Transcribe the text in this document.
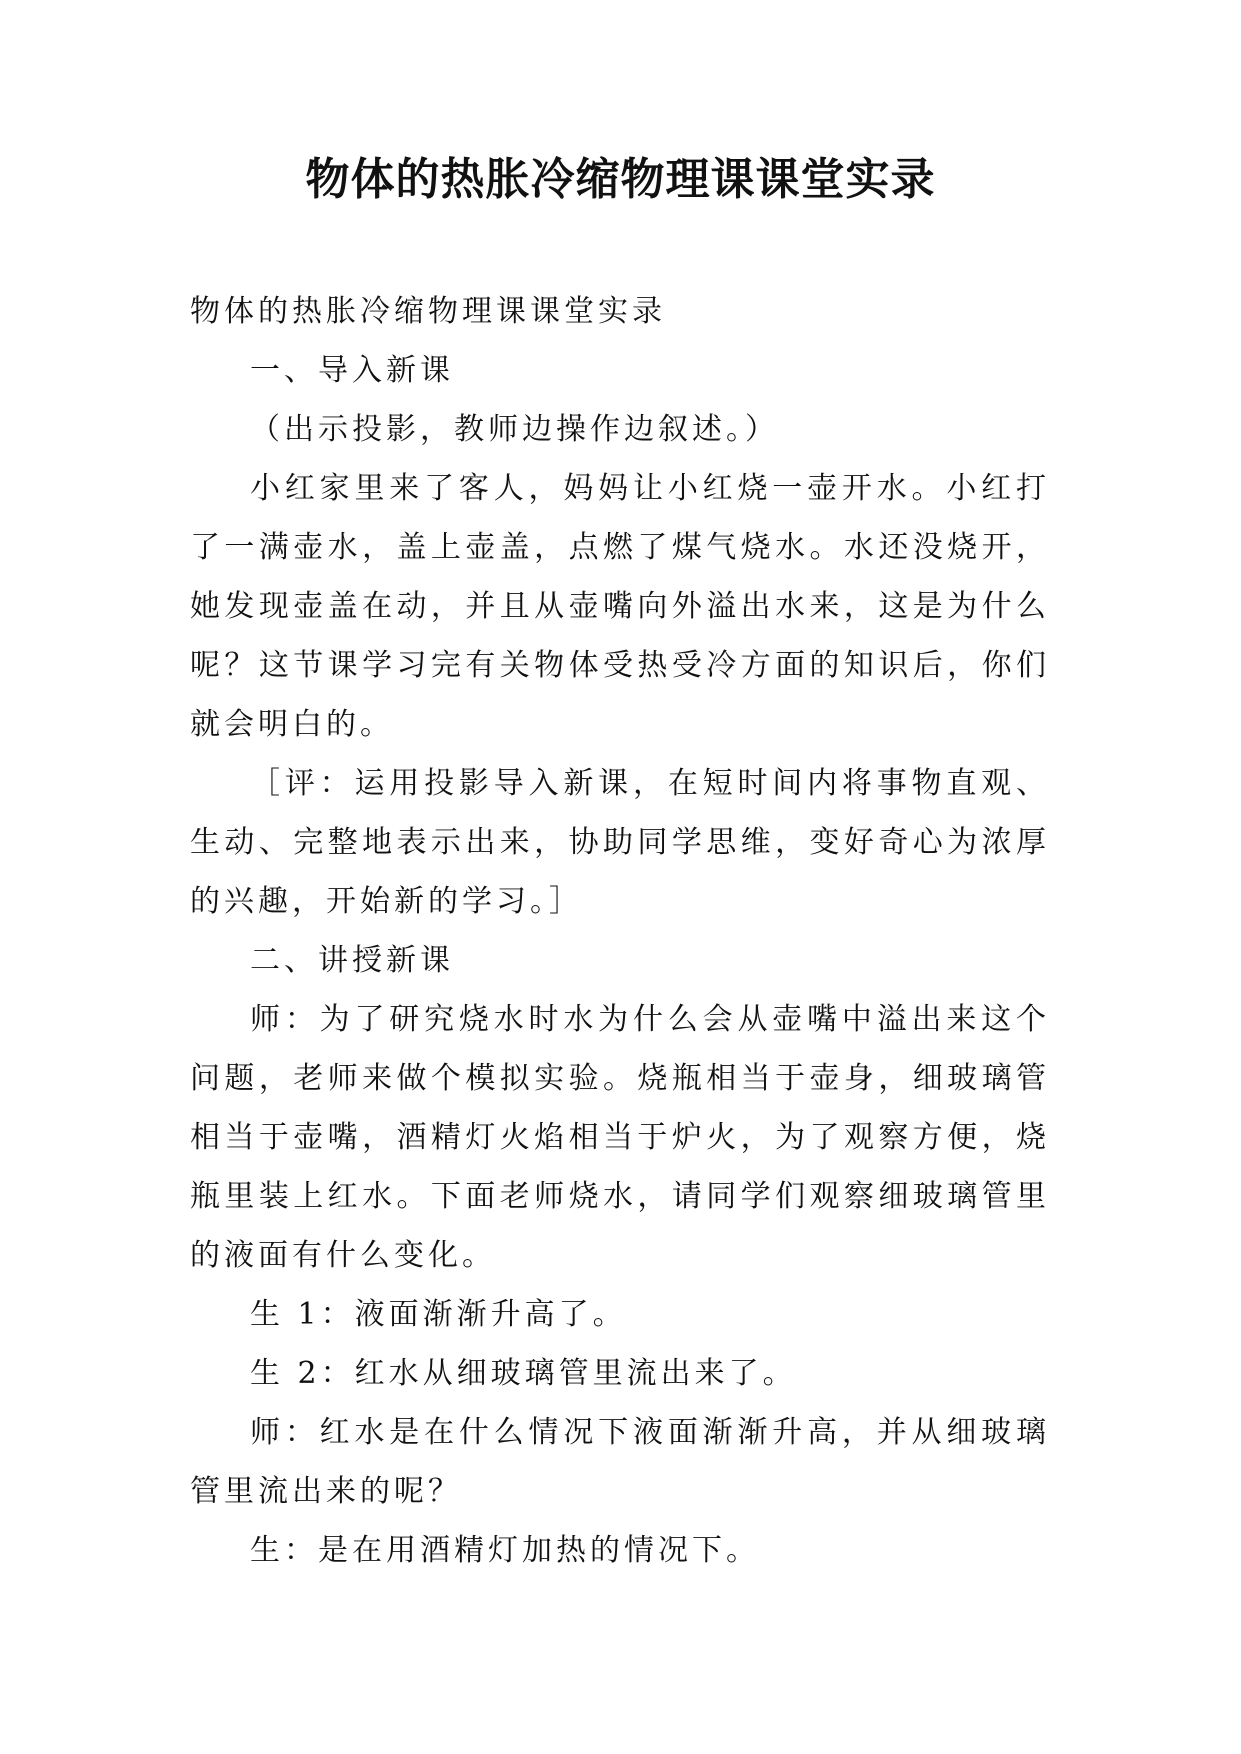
物体的热胀冷缩物理课课堂实录

物体的热胀冷缩物理课课堂实录

一、导入新课

（出示投影，教师边操作边叙述。）

小红家里来了客人，妈妈让小红烧一壶开水。小红打了一满壶水，盖上壶盖，点燃了煤气烧水。水还没烧开，她发现壶盖在动，并且从壶嘴向外溢出水来，这是为什么呢？这节课学习完有关物体受热受冷方面的知识后，你们就会明白的。

［评：运用投影导入新课，在短时间内将事物直观、生动、完整地表示出来，协助同学思维，变好奇心为浓厚的兴趣，开始新的学习。］

二、讲授新课

师：为了研究烧水时水为什么会从壶嘴中溢出来这个问题，老师来做个模拟实验。烧瓶相当于壶身，细玻璃管相当于壶嘴，酒精灯火焰相当于炉火，为了观察方便，烧瓶里装上红水。下面老师烧水，请同学们观察细玻璃管里的液面有什么变化。

生 1：液面渐渐升高了。

生 2：红水从细玻璃管里流出来了。

师：红水是在什么情况下液面渐渐升高，并从细玻璃管里流出来的呢？

生：是在用酒精灯加热的情况下。
